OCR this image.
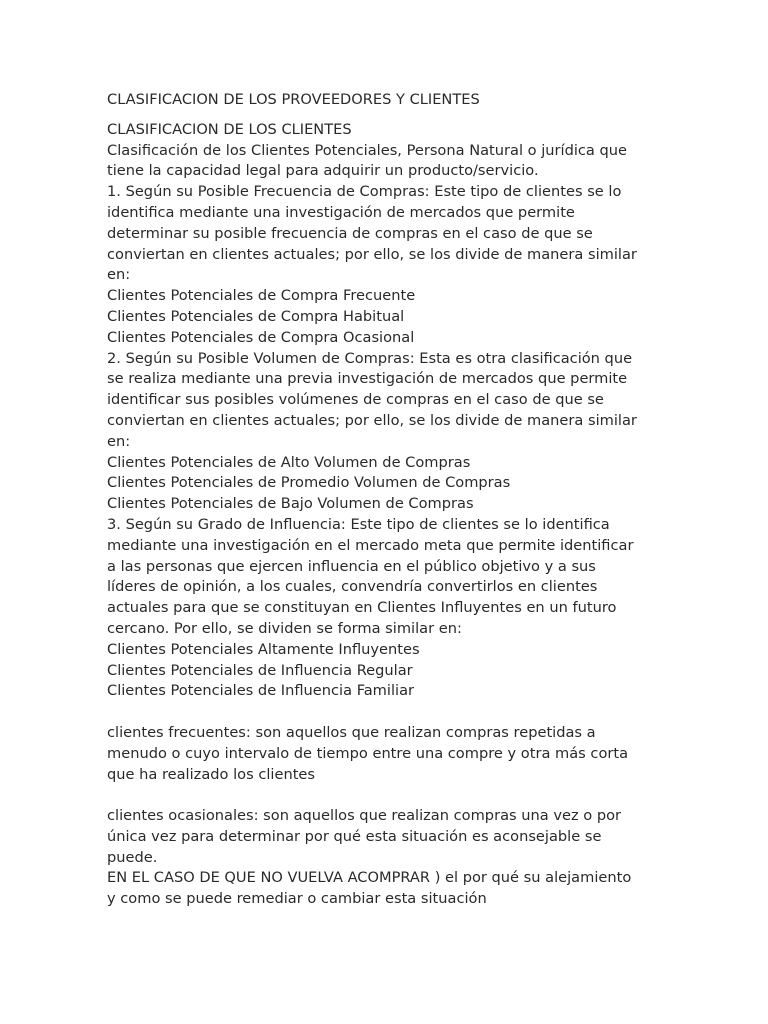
CLASIFICACION DE LOS PROVEEDORES Y CLIENTES
CLASIFICACION DE LOS CLIENTES
Clasificación de los Clientes Potenciales, Persona Natural o jurídica que
tiene la capacidad legal para adquirir un producto/servicio.
1. Según su Posible Frecuencia de Compras: Este tipo de clientes se lo
identifica mediante una investigación de mercados que permite
determinar su posible frecuencia de compras en el caso de que se
conviertan en clientes actuales; por ello, se los divide de manera similar
en:
Clientes Potenciales de Compra Frecuente
Clientes Potenciales de Compra Habitual
Clientes Potenciales de Compra Ocasional
2. Según su Posible Volumen de Compras: Esta es otra clasificación que
se realiza mediante una previa investigación de mercados que permite
identificar sus posibles volúmenes de compras en el caso de que se
conviertan en clientes actuales; por ello, se los divide de manera similar
en:
Clientes Potenciales de Alto Volumen de Compras
Clientes Potenciales de Promedio Volumen de Compras
Clientes Potenciales de Bajo Volumen de Compras
3. Según su Grado de Influencia: Este tipo de clientes se lo identifica
mediante una investigación en el mercado meta que permite identificar
a las personas que ejercen influencia en el público objetivo y a sus
líderes de opinión, a los cuales, convendría convertirlos en clientes
actuales para que se constituyan en Clientes Influyentes en un futuro
cercano. Por ello, se dividen se forma similar en:
Clientes Potenciales Altamente Influyentes
Clientes Potenciales de Influencia Regular
Clientes Potenciales de Influencia Familiar
clientes frecuentes: son aquellos que realizan compras repetidas a
menudo o cuyo intervalo de tiempo entre una compre y otra más corta
que ha realizado los clientes
clientes ocasionales: son aquellos que realizan compras una vez o por
única vez para determinar por qué esta situación es aconsejable se
puede.
EN EL CASO DE QUE NO VUELVA ACOMPRAR ) el por qué su alejamiento
y como se puede remediar o cambiar esta situación
